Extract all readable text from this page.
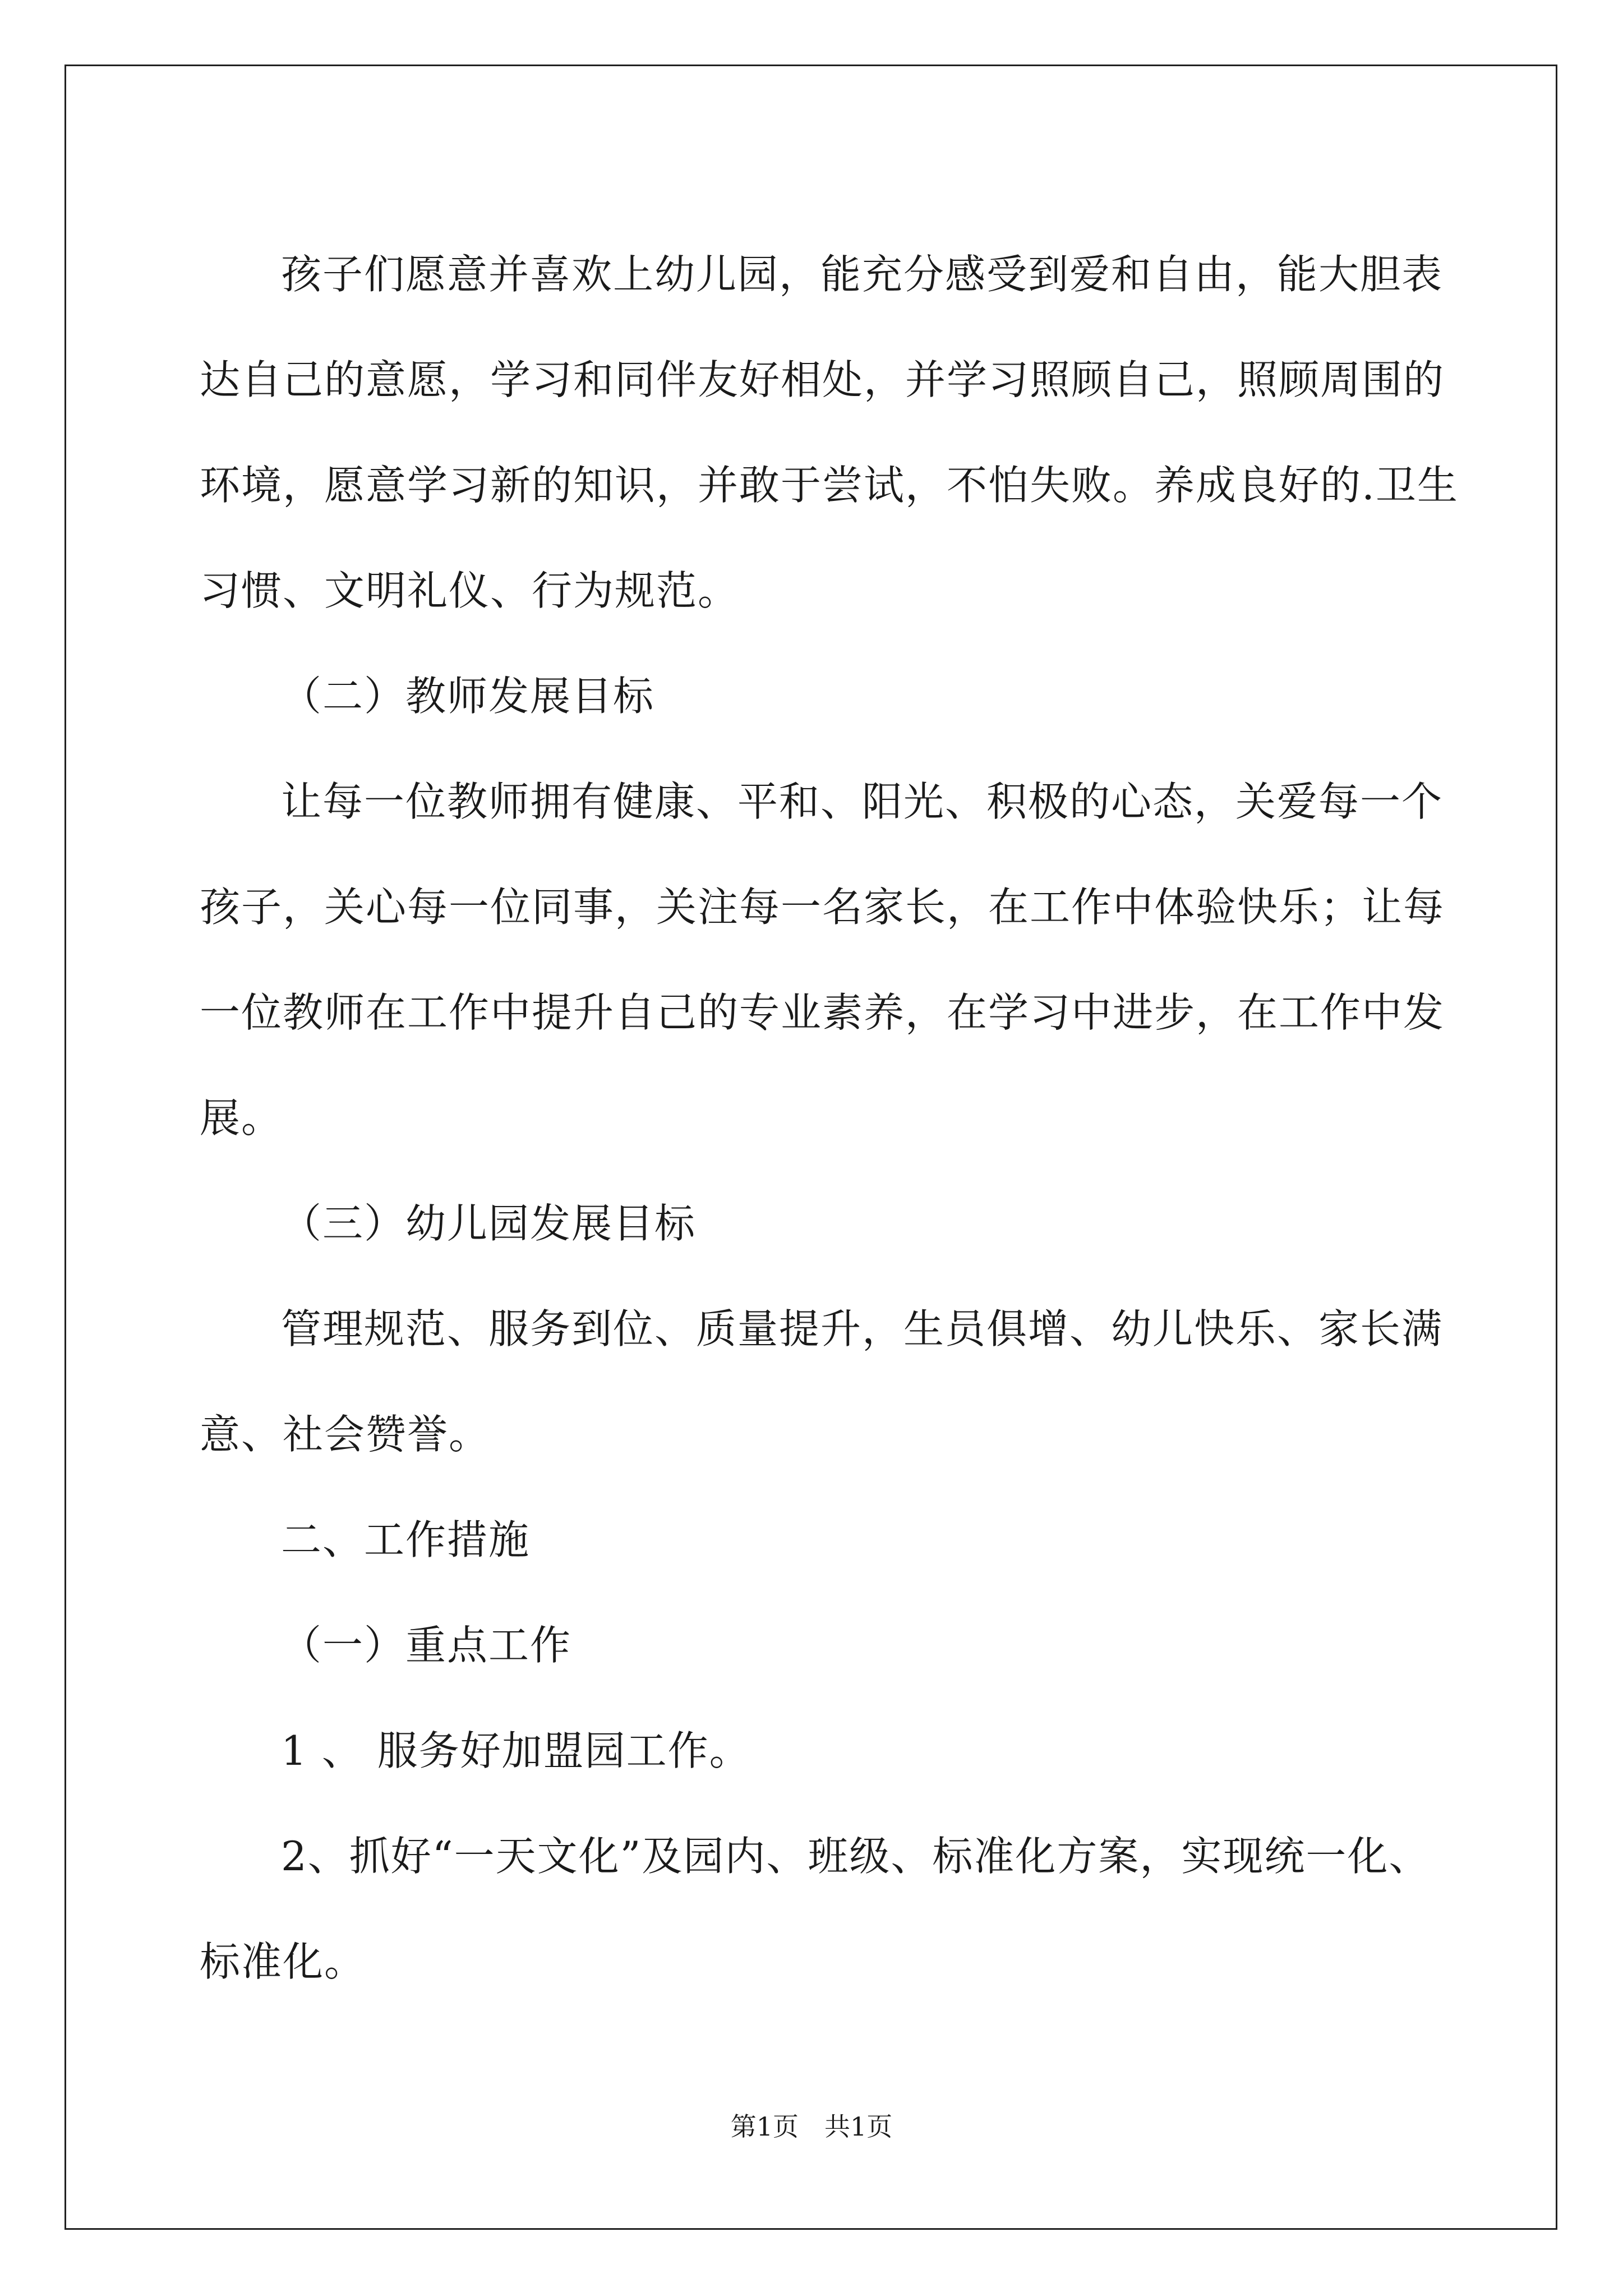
孩子们愿意并喜欢上幼儿园，能充分感受到爱和自由，能大胆表
达自己的意愿，学习和同伴友好相处，并学习照顾自己，照顾周围的
环境，愿意学习新的知识，并敢于尝试，不怕失败。养成良好的.卫生
习惯、文明礼仪、行为规范。
（二）教师发展目标
让每一位教师拥有健康、平和、阳光、积极的心态，关爱每一个
孩子，关心每一位同事，关注每一名家长，在工作中体验快乐；让每
一位教师在工作中提升自己的专业素养，在学习中进步，在工作中发
展。
（三）幼儿园发展目标
管理规范、服务到位、质量提升，生员俱增、幼儿快乐、家长满
意、社会赞誉。
二、工作措施
（一）重点工作
1 、 服务好加盟园工作。
2、抓好“一天文化”及园内、班级、标准化方案，实现统一化、
标准化。
第1页　共1页
